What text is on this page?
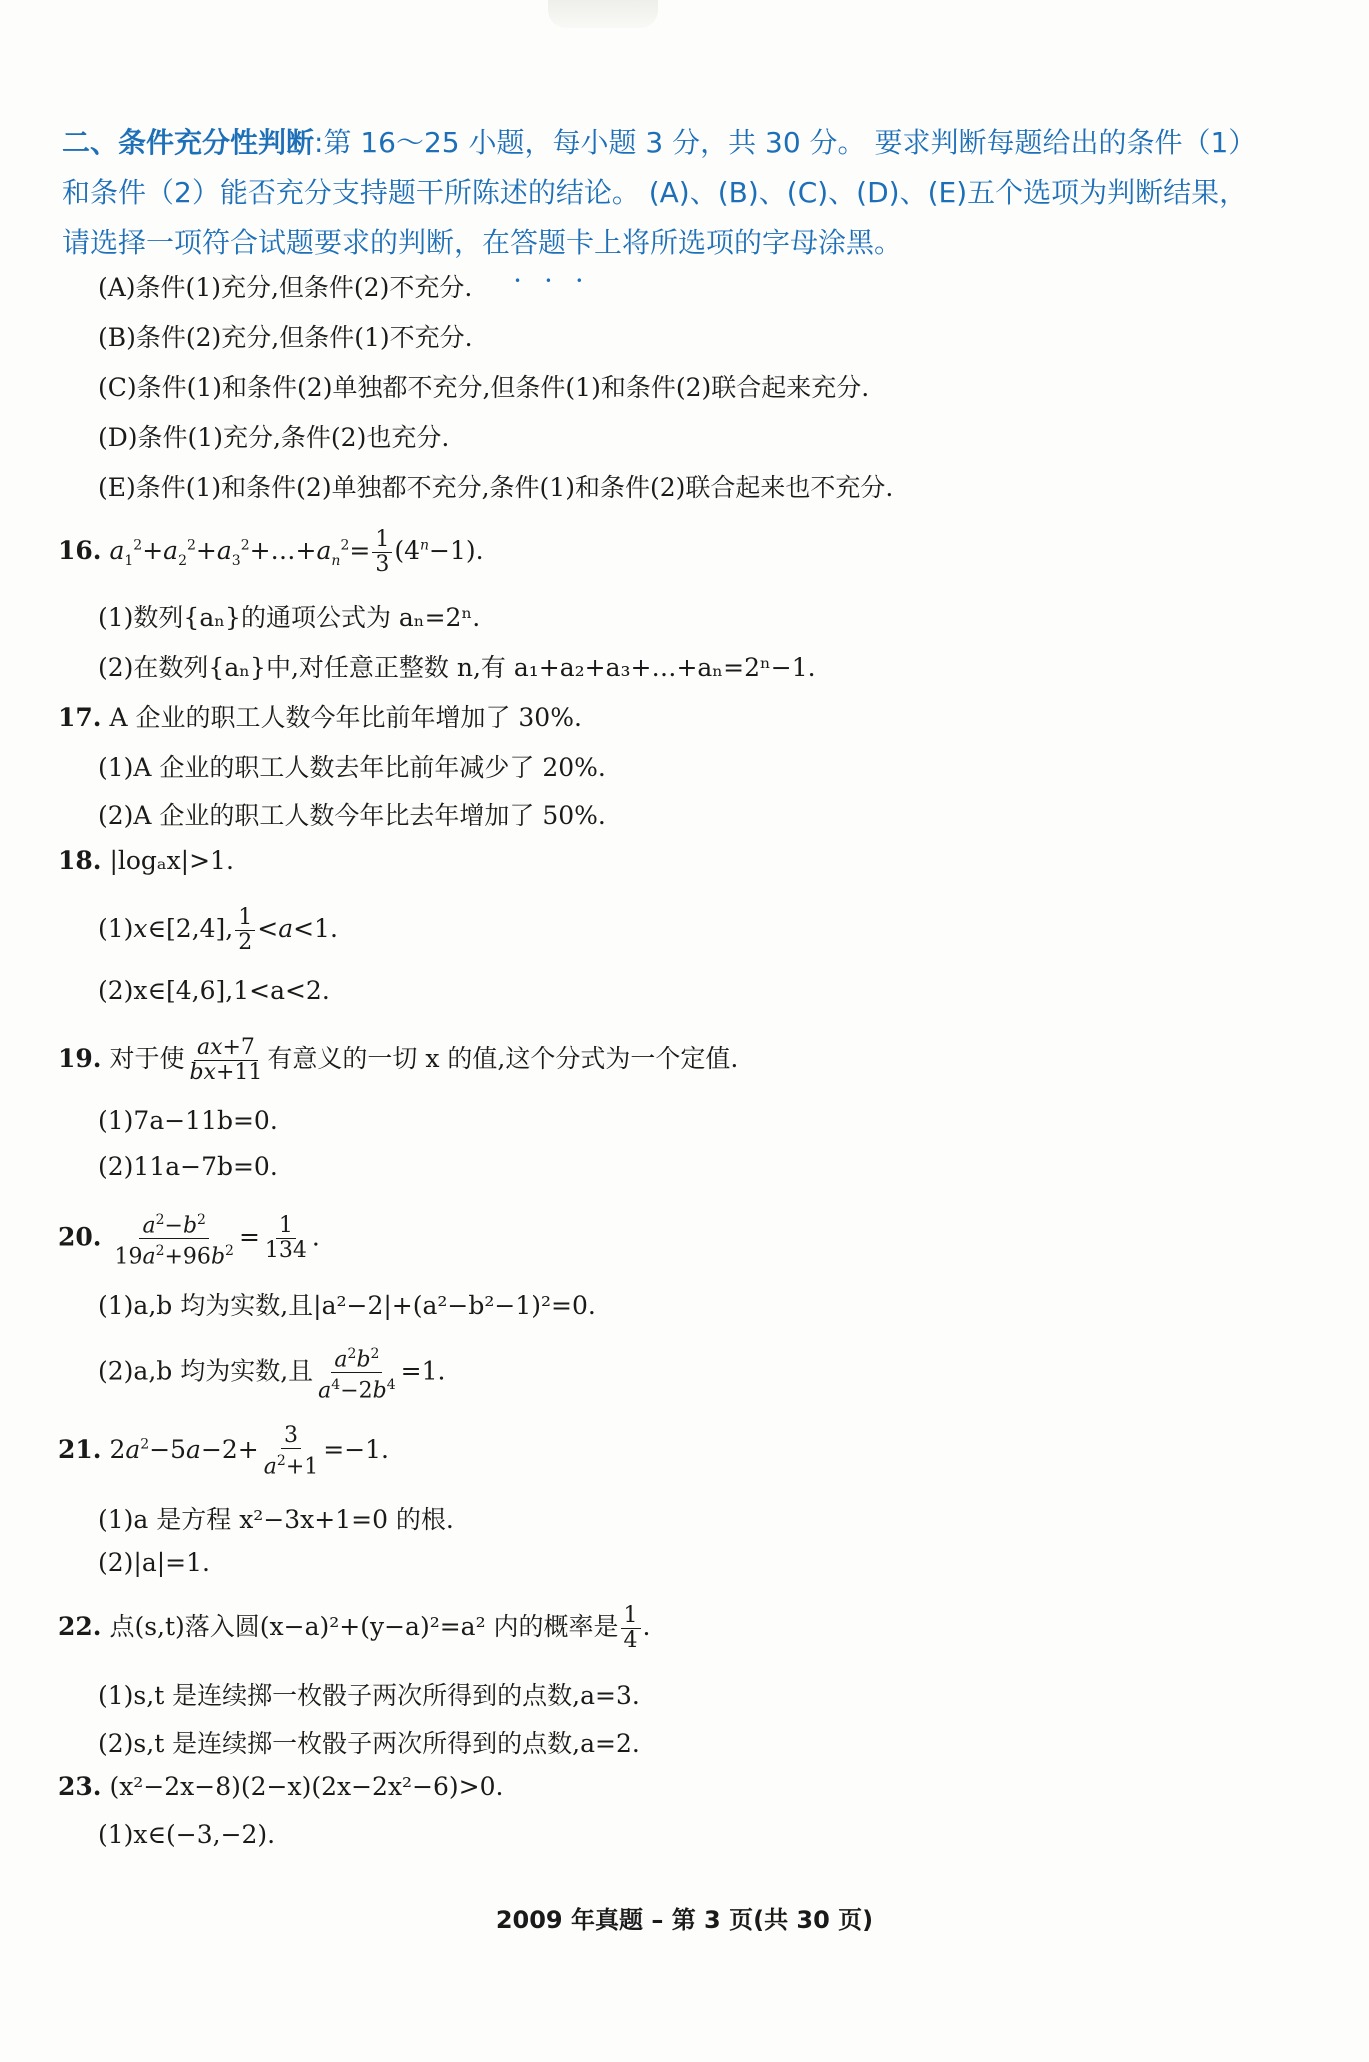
二、条件充分性判断:第 16～25 小题，每小题 3 分，共 30 分。 要求判断每题给出的条件（1）和条件（2）能否充分支持题干所陈述的结论。 (A)、(B)、(C)、(D)、(E)五个选项为判断结果，请选择一项符合试题要求的判断，在答题卡 • • •上将所选项的字母涂黑。
(A)条件(1)充分,但条件(2)不充分.
(B)条件(2)充分,但条件(1)不充分.
(C)条件(1)和条件(2)单独都不充分,但条件(1)和条件(2)联合起来充分.
(D)条件(1)充分,条件(2)也充分.
(E)条件(1)和条件(2)单独都不充分,条件(1)和条件(2)联合起来也不充分.
16. $a_1^2+a_2^2+a_3^2+\dots+a_n^2= \frac{1}{3} (4^n-1)$.
(1)数列{aₙ}的通项公式为 aₙ=2ⁿ.
(2)在数列{aₙ}中,对任意正整数 n,有 a₁+a₂+a₃+…+aₙ=2ⁿ−1.
17. A 企业的职工人数今年比前年增加了 30%.
(1)A 企业的职工人数去年比前年减少了 20%.
(2)A 企业的职工人数今年比去年增加了 50%.
18. |logₐx|>1.
(1)x∈[2,4], $\frac{1}{2} <a<1$.
(2)x∈[4,6],1<a<2.
19. 对于使 $\frac{ax+7}{bx+11}$ 有意义的一切 x 的值,这个分式为一个定值.
(1)7a−11b=0.
(2)11a−7b=0.
20. $\frac{a^2-b^2}{19a^2+96b^2} = \frac{1}{134}$ .
(1)a,b 均为实数,且|a²−2|+(a²−b²−1)²=0.
(2)a,b 均为实数,且 $\frac{a^2b^2}{a^4-2b^4} =1$.
21. $2a^2-5a-2+ \frac{3}{a^2+1} =-1$.
(1)a 是方程 x²−3x+1=0 的根.
(2)|a|=1.
22. 点(s,t)落入圆(x−a)²+(y−a)²=a² 内的概率是 $\frac{1}{4}$ .
(1)s,t 是连续掷一枚骰子两次所得到的点数,a=3.
(2)s,t 是连续掷一枚骰子两次所得到的点数,a=2.
23. (x²−2x−8)(2−x)(2x−2x²−6)>0.
(1)x∈(−3,−2).
2009 年真题 – 第 3 页(共 30 页)
